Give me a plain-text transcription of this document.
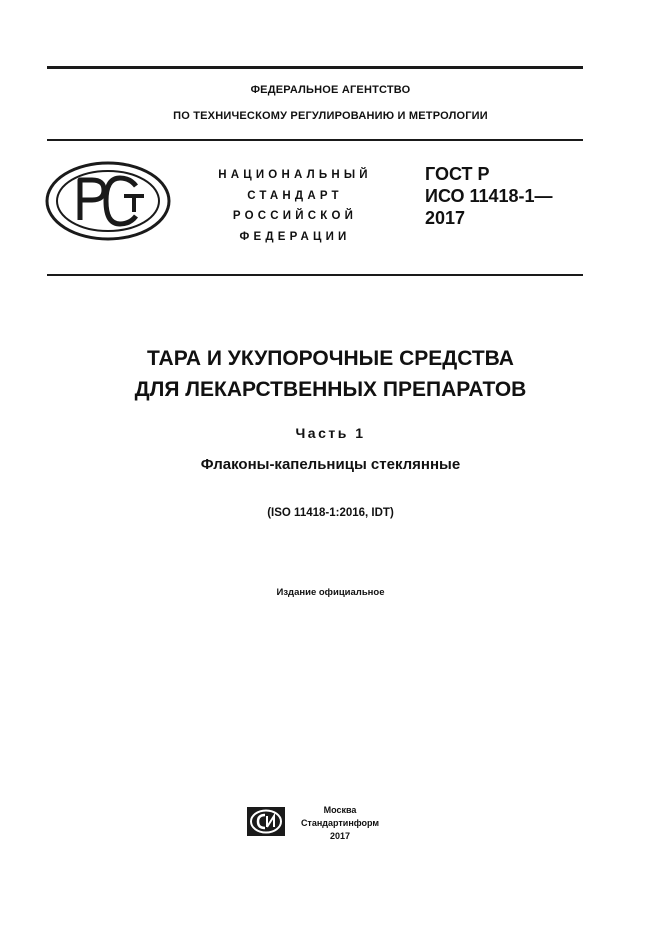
ФЕДЕРАЛЬНОЕ АГЕНТСТВО
ПО ТЕХНИЧЕСКОМУ РЕГУЛИРОВАНИЮ И МЕТРОЛОГИИ
НАЦИОНАЛЬНЫЙ
СТАНДАРТ
РОССИЙСКОЙ
ФЕДЕРАЦИИ
ГОСТ Р
ИСО 11418-1—
2017
ТАРА И УКУПОРОЧНЫЕ СРЕДСТВА
ДЛЯ ЛЕКАРСТВЕННЫХ ПРЕПАРАТОВ
Часть 1
Флаконы-капельницы стеклянные
(ISO 11418-1:2016, IDT)
Издание официальное
Москва
Стандартинформ
2017
